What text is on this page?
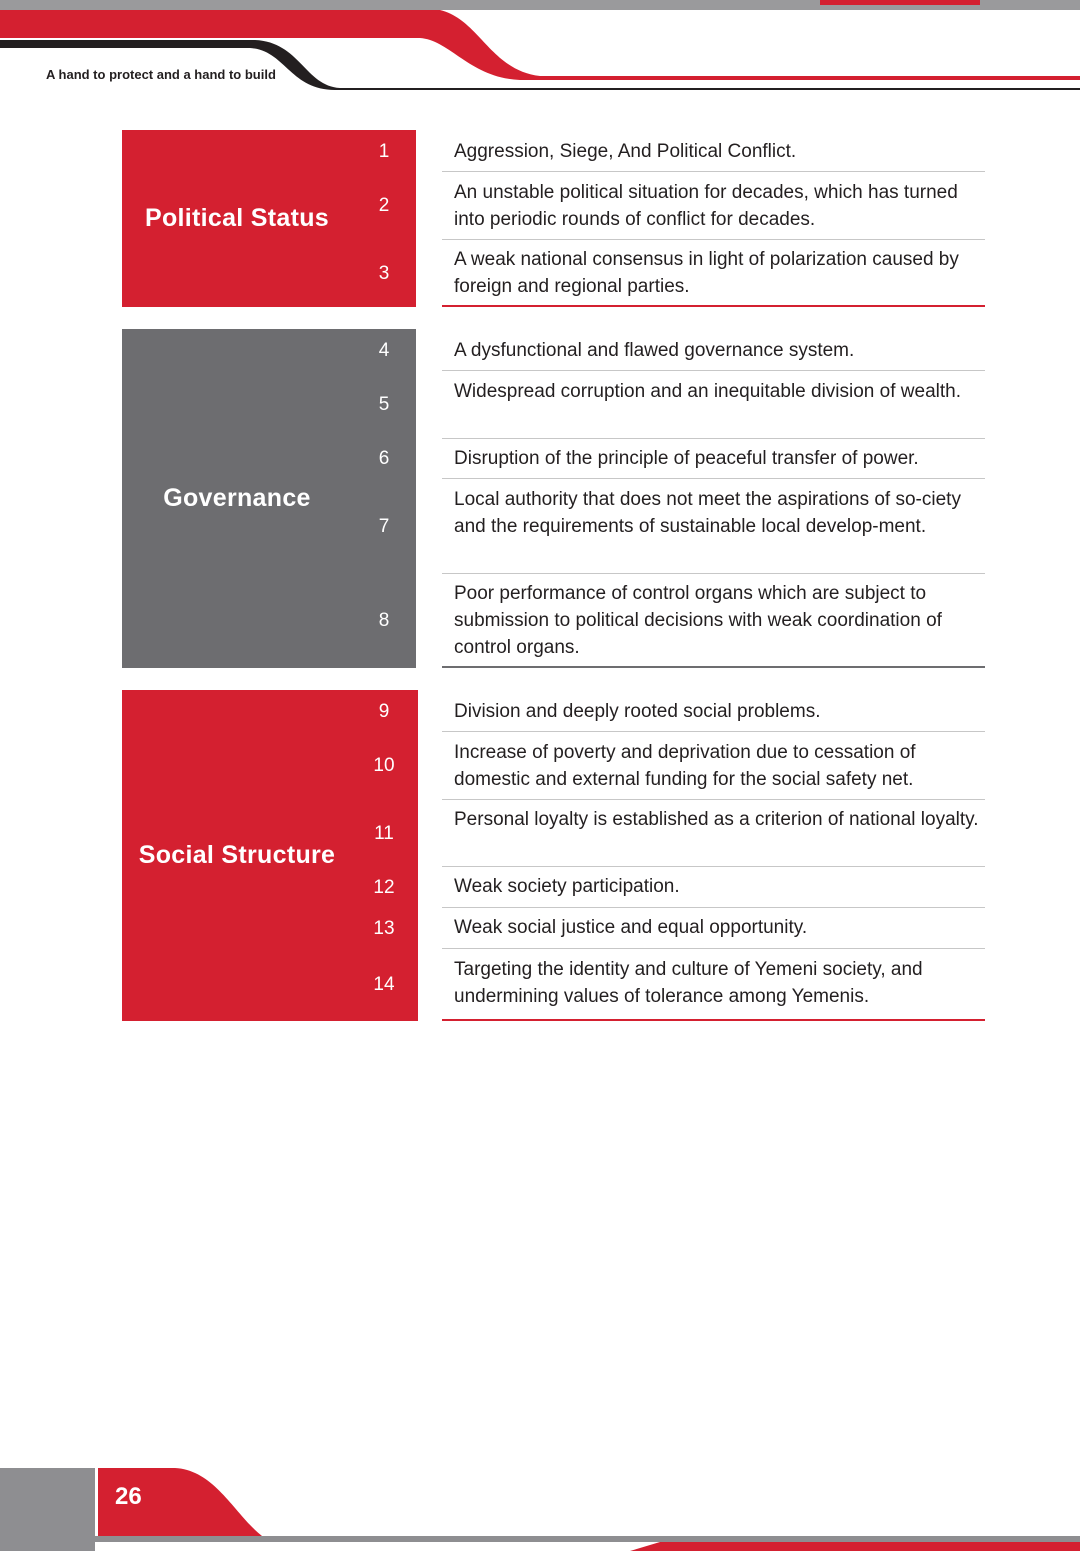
A hand to protect and a hand to build
Political Status
1
2
3
Aggression, Siege, And Political Conflict.
An unstable political situation for decades, which has turned into periodic rounds of conflict for decades.
A weak national consensus in light of polarization caused by foreign and regional parties.
Governance
4
5
6
7
8
A dysfunctional and flawed governance system.
Widespread corruption and an inequitable division of wealth.
Disruption of the principle of peaceful transfer of power.
Local authority that does not meet the aspirations of so-ciety and the requirements of sustainable local develop-ment.
Poor performance of control organs which are subject to submission to political decisions with weak coordination of control organs.
Social Structure
9
10
11
12
13
14
Division and deeply rooted social problems.
Increase of poverty and deprivation due to cessation of domestic and external funding for the social safety net.
Personal loyalty is established as a criterion of national loyalty.
Weak society participation.
Weak social justice and equal opportunity.
Targeting the identity and culture of Yemeni society, and undermining values of tolerance among Yemenis.
26
